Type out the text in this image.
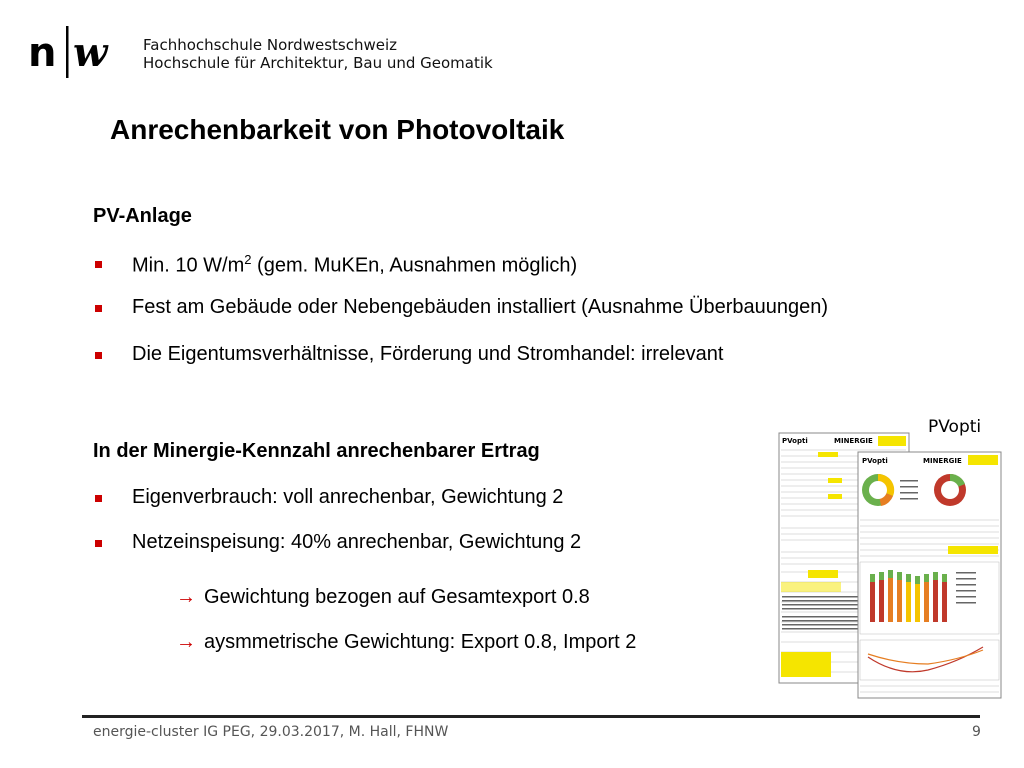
n w Fachhochschule Nordwestschweiz
Hochschule für Architektur, Bau und Geomatik
Anrechenbarkeit von Photovoltaik
PV-Anlage
Min. 10 $W/m^2$ (gem. MuKEn, Ausnahmen möglich)
Fest am Gebäude oder Nebengebäuden installiert (Ausnahme Überbauungen)
Die Eigentumsverhältnisse, Förderung und Stromhandel: irrelevant
In der Minergie-Kennzahl anrechenbarer Ertrag
Eigenverbrauch: voll anrechenbar, Gewichtung 2
Netzeinspeisung: 40% anrechenbar, Gewichtung 2
→ Gewichtung bezogen auf Gesamtexport 0.8
→ aysmmetrische Gewichtung: Export 0.8, Import 2
PVopti
PVopti	MINERGIE
PVopti	MINERGIE
energie-cluster IG PEG, 29.03.2017, M. Hall, FHNW	9
